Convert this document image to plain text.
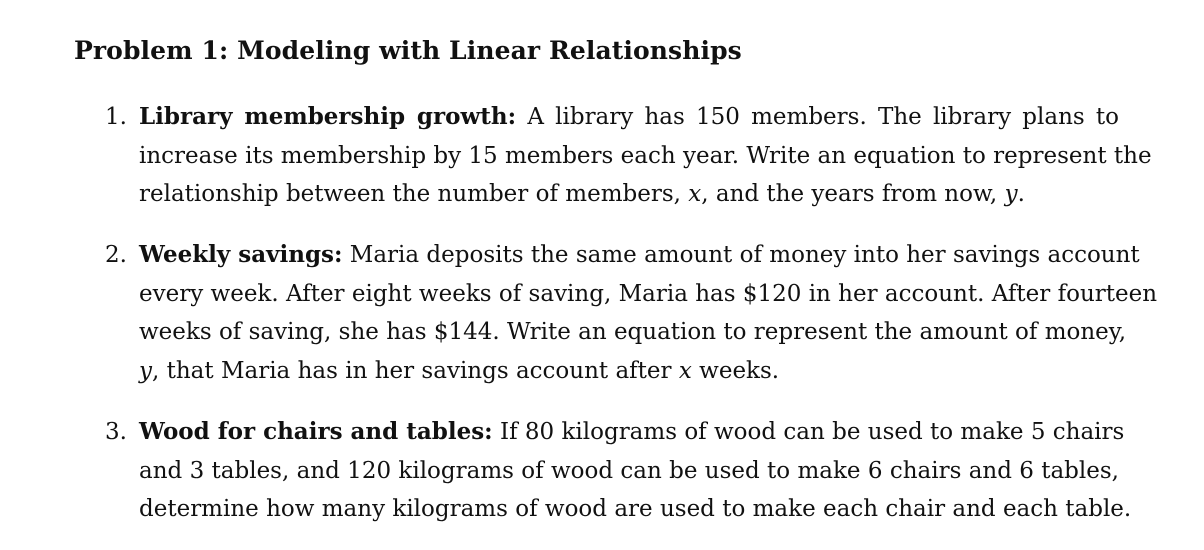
Problem 1: Modeling with Linear Relationships
1. Library membership growth: A library has 150 members. The library plans to
increase its membership by 15 members each year. Write an equation to represent the
relationship between the number of members, x, and the years from now, y.
2. Weekly savings: Maria deposits the same amount of money into her savings account
every week. After eight weeks of saving, Maria has $120 in her account. After fourteen
weeks of saving, she has $144. Write an equation to represent the amount of money,
y, that Maria has in her savings account after x weeks.
3. Wood for chairs and tables: If 80 kilograms of wood can be used to make 5 chairs
and 3 tables, and 120 kilograms of wood can be used to make 6 chairs and 6 tables,
determine how many kilograms of wood are used to make each chair and each table.
